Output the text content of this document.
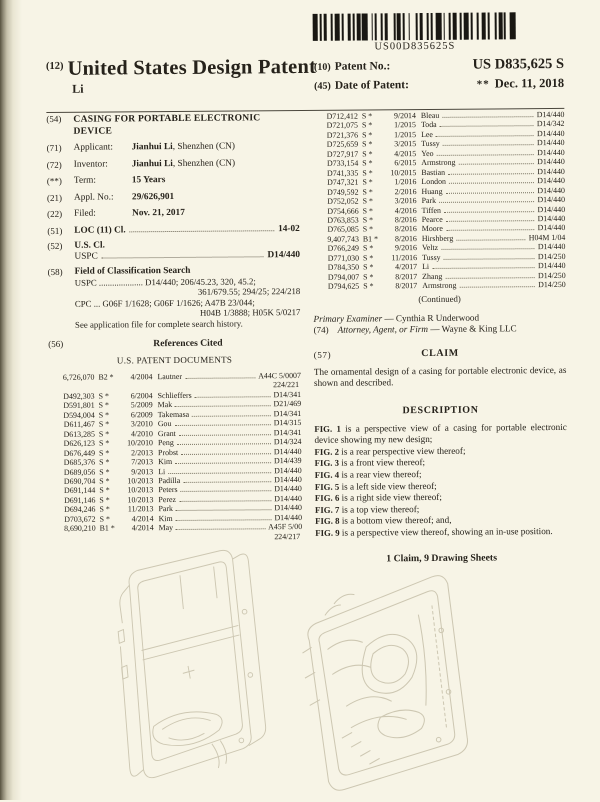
US00D835625S
$^{(12)}$ United States Design Patent
Li
(10) Patent No.:	US D835,625 S
(45) Date of Patent:	** Dec. 11, 2018
(54) CASING FOR PORTABLE ELECTRONIC DEVICE
(71) Applicant:	Jianhui Li, Shenzhen (CN)
(72) Inventor:	Jianhui Li, Shenzhen (CN)
(**) Term:	15 Years
(21) Appl. No.:	29/626,901
(22) Filed:	Nov. 21, 2017
(51) LOC (11) Cl.	14-02
(52) U.S. Cl.
USPC	D14/440
(58) Field of Classification Search
USPC .................... D14/440; 206/45.23, 320, 45.2;
361/679.55; 294/25; 224/218
CPC ... G06F 1/1628; G06F 1/1626; A47B 23/044;
H04B 1/3888; H05K 5/0217
See application file for complete search history.
(56)	References Cited
U.S. PATENT DOCUMENTS
6,726,070 B2 *	4/2004 Lautner	A44C 5/0007
224/221
D492,303 S *	6/2004 Schlieffers	D14/341
D591,801 S *	5/2009 Mak	D21/469
D594,004 S *	6/2009 Takemasa	D14/341
D611,467 S *	3/2010 Gou	D14/315
D613,285 S *	4/2010 Grant	D14/341
D626,123 S *	10/2010 Peng	D14/324
D676,449 S *	2/2013 Probst	D14/440
D685,376 S *	7/2013 Kim	D14/439
D689,056 S *	9/2013 Li	D14/440
D690,704 S *	10/2013 Padilla	D14/440
D691,144 S *	10/2013 Peters	D14/440
D691,146 S *	10/2013 Perez	D14/440
D694,246 S *	11/2013 Park	D14/440
D703,672 S *	4/2014 Kim	D14/440
8,690,210 B1 *	4/2014 May	A45F 5/00
224/217
D712,412 S *	9/2014 Bleau	D14/440
D721,075 S *	1/2015 Toda	D14/342
D721,376 S *	1/2015 Lee	D14/440
D725,659 S *	3/2015 Tussy	D14/440
D727,917 S *	4/2015 Yeo	D14/440
D733,154 S *	6/2015 Armstrong	D14/440
D741,335 S *	10/2015 Bastian	D14/440
D747,321 S *	1/2016 London	D14/440
D749,592 S *	2/2016 Huang	D14/440
D752,052 S *	3/2016 Park	D14/440
D754,666 S *	4/2016 Tiffen	D14/440
D763,853 S *	8/2016 Pearce	D14/440
D765,085 S *	8/2016 Moore	D14/440
9,407,743 B1 *	8/2016 Hirshberg	H04M 1/04
D766,249 S *	9/2016 Veltz	D14/440
D771,030 S *	11/2016 Tussy	D14/250
D784,350 S *	4/2017 Li	D14/440
D794,007 S *	8/2017 Zhang	D14/250
D794,625 S *	8/2017 Armstrong	D14/250
(Continued)
Primary Examiner — Cynthia R Underwood
(74) Attorney, Agent, or Firm — Wayne & King LLC
(57)	CLAIM
The ornamental design of a casing for portable electronic device, as shown and described.
DESCRIPTION
FIG. 1 is a perspective view of a casing for portable electronic device showing my new design;
FIG. 2 is a rear perspective view thereof;
FIG. 3 is a front view thereof;
FIG. 4 is a rear view thereof;
FIG. 5 is a left side view thereof;
FIG. 6 is a right side view thereof;
FIG. 7 is a top view thereof;
FIG. 8 is a bottom view thereof; and,
FIG. 9 is a perspective view thereof, showing an in-use position.
1 Claim, 9 Drawing Sheets
